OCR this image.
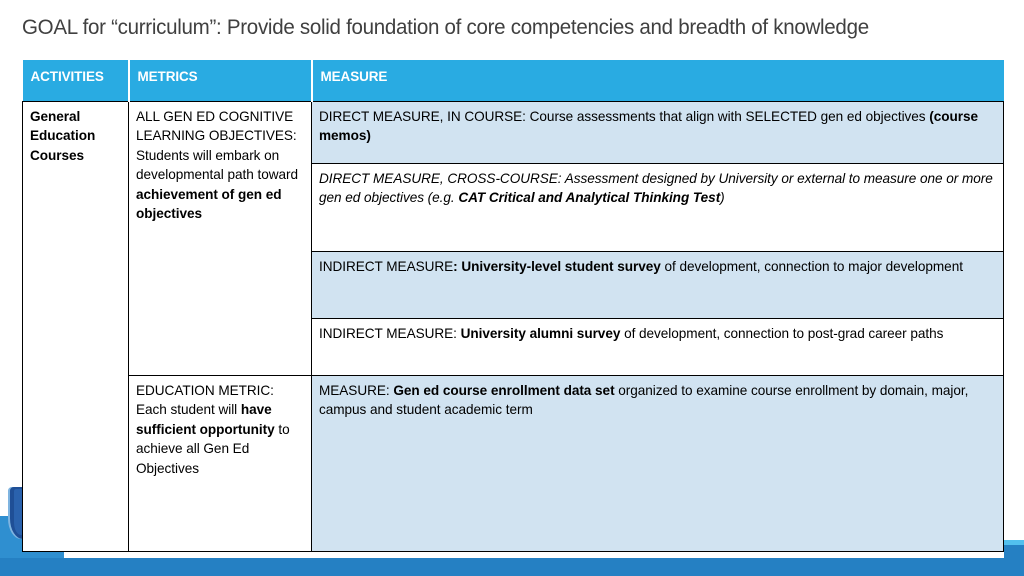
GOAL for “curriculum”: Provide solid foundation of core competencies and breadth of knowledge
ACTIVITIES	METRICS	MEASURE
General Education Courses	ALL GEN ED COGNITIVE LEARNING OBJECTIVES: Students will embark on developmental path toward achievement of gen ed objectives	DIRECT MEASURE, IN COURSE: Course assessments that align with SELECTED gen ed objectives (course memos)
		DIRECT MEASURE, CROSS-COURSE: Assessment designed by University or external to measure one or more gen ed objectives (e.g. CAT Critical and Analytical Thinking Test)
		INDIRECT MEASURE: University-level student survey of development, connection to major development
		INDIRECT MEASURE: University alumni survey of development, connection to post-grad career paths
	EDUCATION METRIC: Each student will have sufficient opportunity to achieve all Gen Ed Objectives	MEASURE: Gen ed course enrollment data set organized to examine course enrollment by domain, major, campus and student academic term
